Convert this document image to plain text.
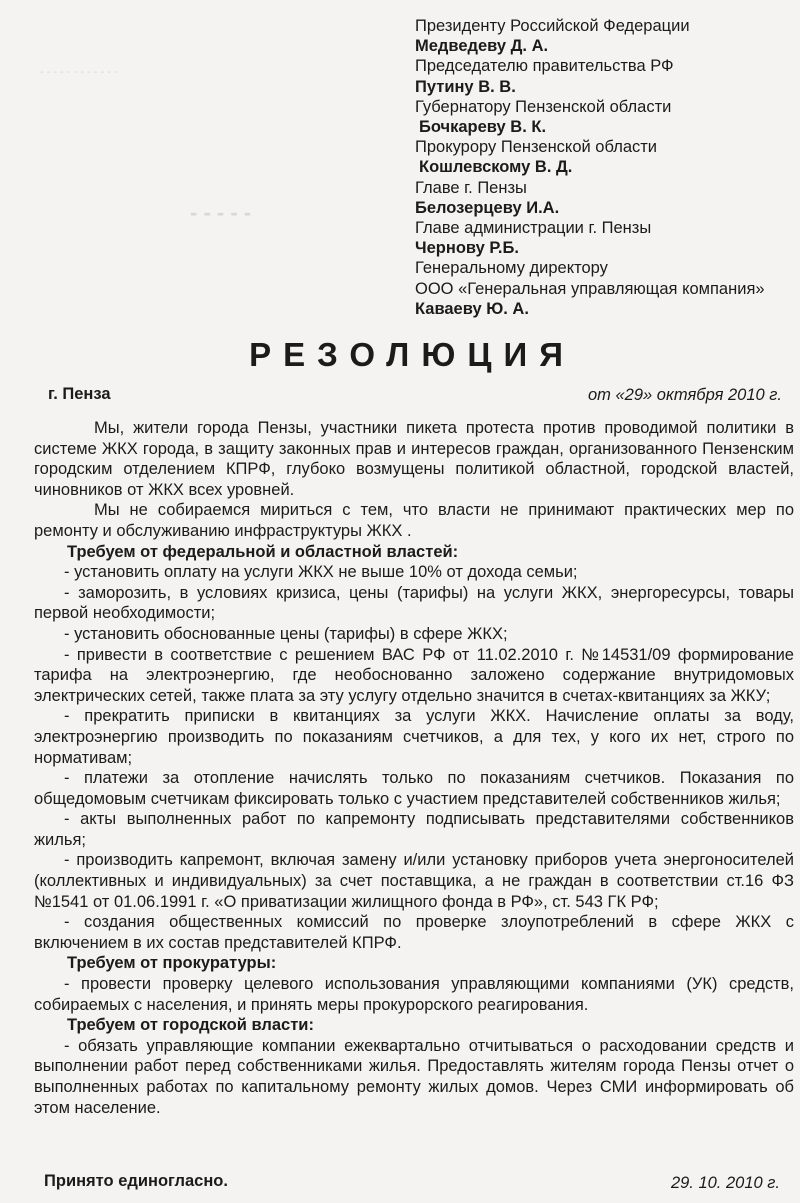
‑ ‑ ‑ ‑ ‑ ‑ ‑ ‑ ‑ ‑ ‑ ‑
‑ ‑ ‑ ‑ ‑
Президенту Российской Федерации
Медведеву Д. А.
Председателю правительства РФ
Путину В. В.
Губернатору Пензенской области
Бочкареву В. К.
Прокурору Пензенской области
Кошлевскому В. Д.
Главе г. Пензы
Белозерцеву И.А.
Главе администрации г. Пензы
Чернову Р.Б.
Генеральному директору
ООО «Генеральная управляющая компания»
Каваеву Ю. А.
РЕЗОЛЮЦИЯ
г. Пенза	от «29» октября 2010 г.

Мы, жители города Пензы, участники пикета протеста против проводимой политики в системе ЖКХ города, в защиту законных прав и интересов граждан, организованного Пензенским городским отделением КПРФ, глубоко возмущены политикой областной, городской властей, чиновников от ЖКХ всех уровней.

Мы не собираемся мириться с тем, что власти не принимают практических мер по ремонту и обслуживанию инфраструктуры ЖКХ .

Требуем от федеральной и областной властей:

- установить оплату на услуги ЖКХ не выше 10% от дохода семьи;

- заморозить, в условиях кризиса, цены (тарифы) на услуги ЖКХ, энергоресурсы, товары первой необходимости;

- установить обоснованные цены (тарифы) в сфере ЖКХ;

- привести в соответствие с решением ВАС РФ от 11.02.2010 г. №14531/09 формирование тарифа на электроэнергию, где необоснованно заложено содержание внутридомовых электрических сетей, также плата за эту услугу отдельно значится в счетах-квитанциях за ЖКУ;

- прекратить приписки в квитанциях за услуги ЖКХ. Начисление оплаты за воду, электроэнергию производить по показаниям счетчиков, а для тех, у кого их нет, строго по нормативам;

- платежи за отопление начислять только по показаниям счетчиков. Показания по общедомовым счетчикам фиксировать только с участием представителей собственников жилья;

- акты выполненных работ по капремонту подписывать представителями собственников жилья;

- производить капремонт, включая замену и/или установку приборов учета энергоносителей (коллективных и индивидуальных) за счет поставщика, а не граждан в соответствии ст.16 ФЗ №1541 от 01.06.1991 г. «О приватизации жилищного фонда в РФ», ст. 543 ГК РФ;

- создания общественных комиссий по проверке злоупотреблений в сфере ЖКХ с включением в их состав представителей КПРФ.

Требуем от прокуратуры:

- провести проверку целевого использования управляющими компаниями (УК) средств, собираемых с населения, и принять меры прокурорского реагирования.

Требуем от городской власти:

- обязать управляющие компании ежеквартально отчитываться о расходовании средств и выполнении работ перед собственниками жилья. Предоставлять жителям города Пензы отчет о выполненных работах по капитальному ремонту жилых домов. Через СМИ информировать об этом население.

Принято единогласно.	29. 10. 2010 г.
